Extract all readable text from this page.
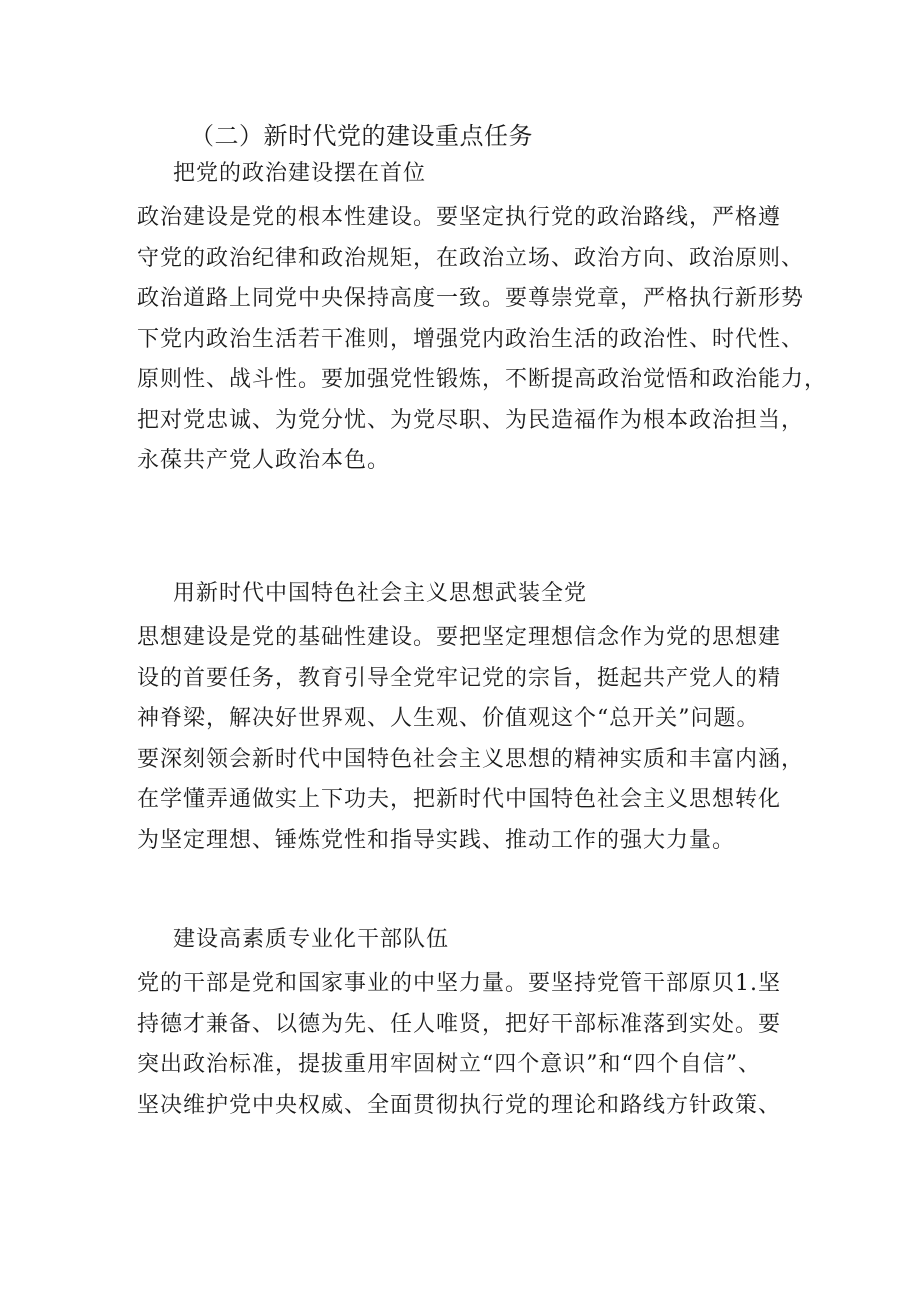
（二）新时代党的建设重点任务
把党的政治建设摆在首位
政治建设是党的根本性建设。要坚定执行党的政治路线，严格遵
守党的政治纪律和政治规矩，在政治立场、政治方向、政治原则、
政治道路上同党中央保持高度一致。要尊崇党章，严格执行新形势
下党内政治生活若干准则，增强党内政治生活的政治性、时代性、
原则性、战斗性。要加强党性锻炼，不断提高政治觉悟和政治能力，
把对党忠诚、为党分忧、为党尽职、为民造福作为根本政治担当，
永葆共产党人政治本色。
用新时代中国特色社会主义思想武装全党
思想建设是党的基础性建设。要把坚定理想信念作为党的思想建
设的首要任务，教育引导全党牢记党的宗旨，挺起共产党人的精
神脊梁，解决好世界观、人生观、价值观这个“总开关”问题。
要深刻领会新时代中国特色社会主义思想的精神实质和丰富内涵，
在学懂弄通做实上下功夫，把新时代中国特色社会主义思想转化
为坚定理想、锤炼党性和指导实践、推动工作的强大力量。
建设高素质专业化干部队伍
党的干部是党和国家事业的中坚力量。要坚持党管干部原贝1.坚
持德才兼备、以德为先、任人唯贤，把好干部标准落到实处。要
突出政治标准，提拔重用牢固树立“四个意识”和“四个自信”、
坚决维护党中央权威、全面贯彻执行党的理论和路线方针政策、
